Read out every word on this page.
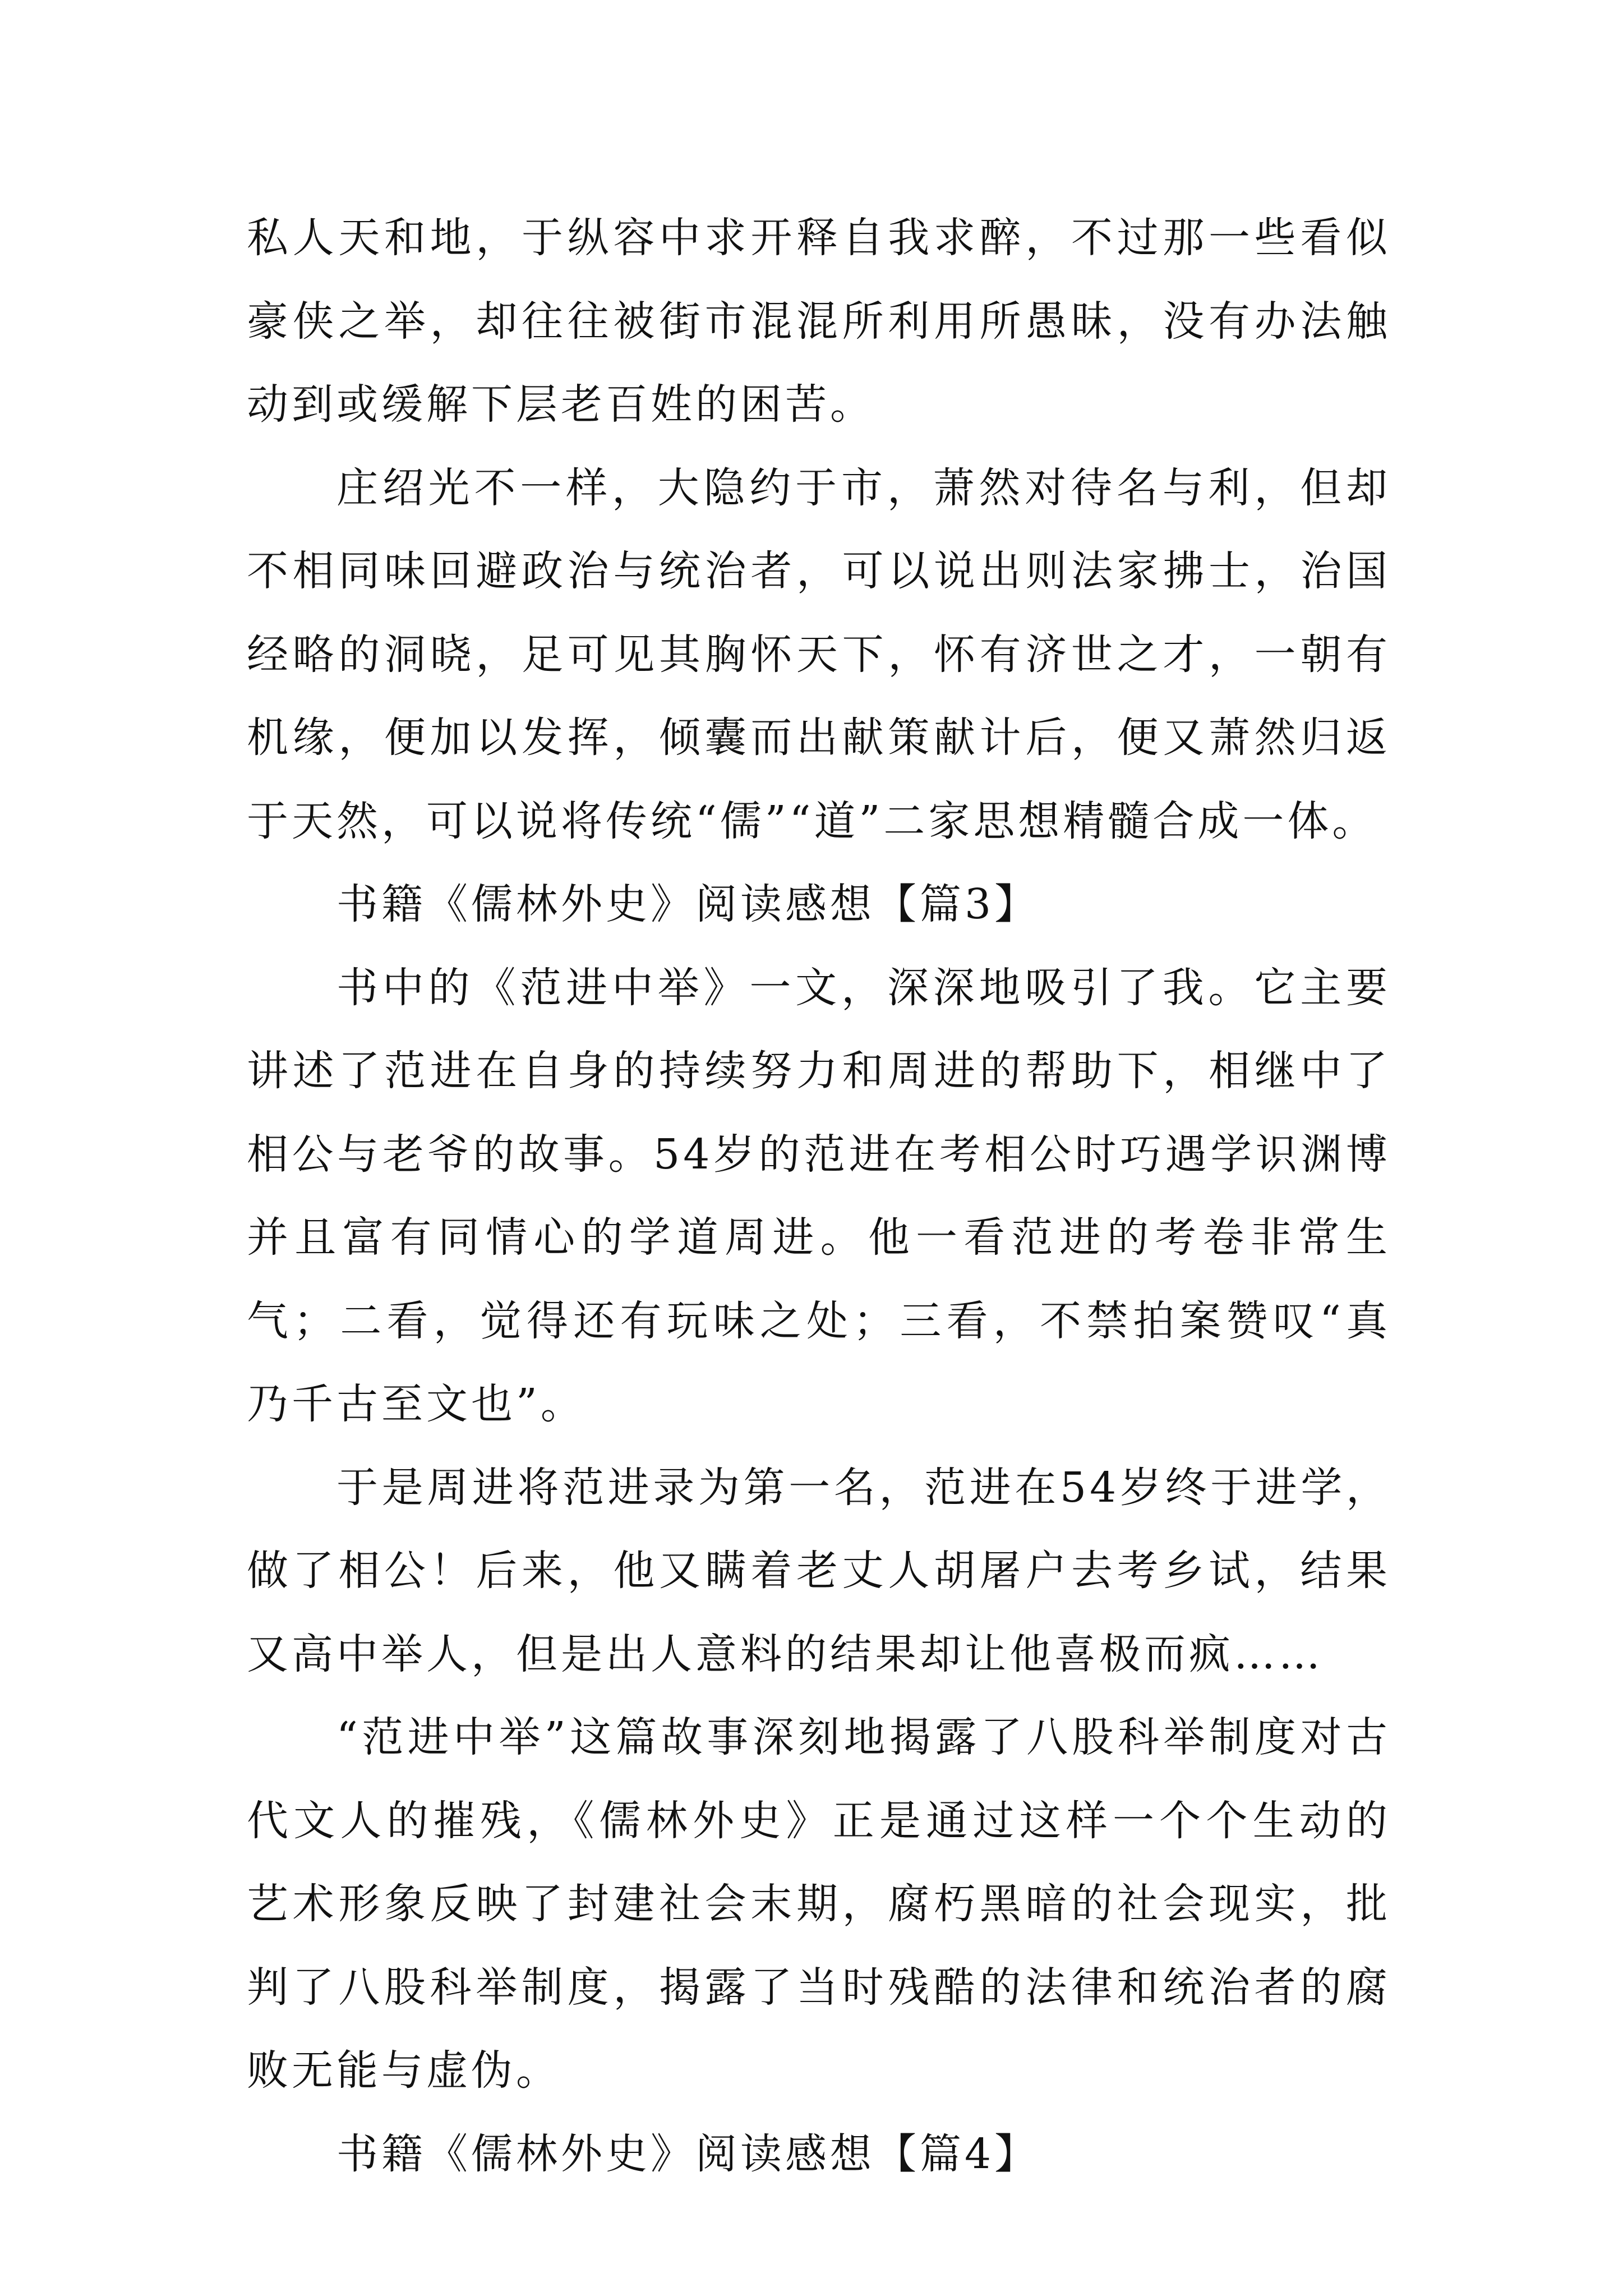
私人天和地，于纵容中求开释自我求醉，不过那一些看似豪侠之举，却往往被街市混混所利用所愚昧，没有办法触动到或缓解下层老百姓的困苦。

庄绍光不一样，大隐约于市，萧然对待名与利，但却不相同味回避政治与统治者，可以说出则法家拂士，治国经略的洞晓，足可见其胸怀天下，怀有济世之才，一朝有机缘，便加以发挥，倾囊而出献策献计后，便又萧然归返于天然，可以说将传统“儒”“道”二家思想精髓合成一体。

书籍《儒林外史》阅读感想【篇3】

书中的《范进中举》一文，深深地吸引了我。它主要讲述了范进在自身的持续努力和周进的帮助下，相继中了相公与老爷的故事。54岁的范进在考相公时巧遇学识渊博并且富有同情心的学道周进。他一看范进的考卷非常生气；二看，觉得还有玩味之处；三看，不禁拍案赞叹“真乃千古至文也”。

于是周进将范进录为第一名，范进在54岁终于进学，做了相公！后来，他又瞒着老丈人胡屠户去考乡试，结果又高中举人，但是出人意料的结果却让他喜极而疯……

“范进中举”这篇故事深刻地揭露了八股科举制度对古代文人的摧残，《儒林外史》正是通过这样一个个生动的艺术形象反映了封建社会末期，腐朽黑暗的社会现实，批判了八股科举制度，揭露了当时残酷的法律和统治者的腐败无能与虚伪。

书籍《儒林外史》阅读感想【篇4】
